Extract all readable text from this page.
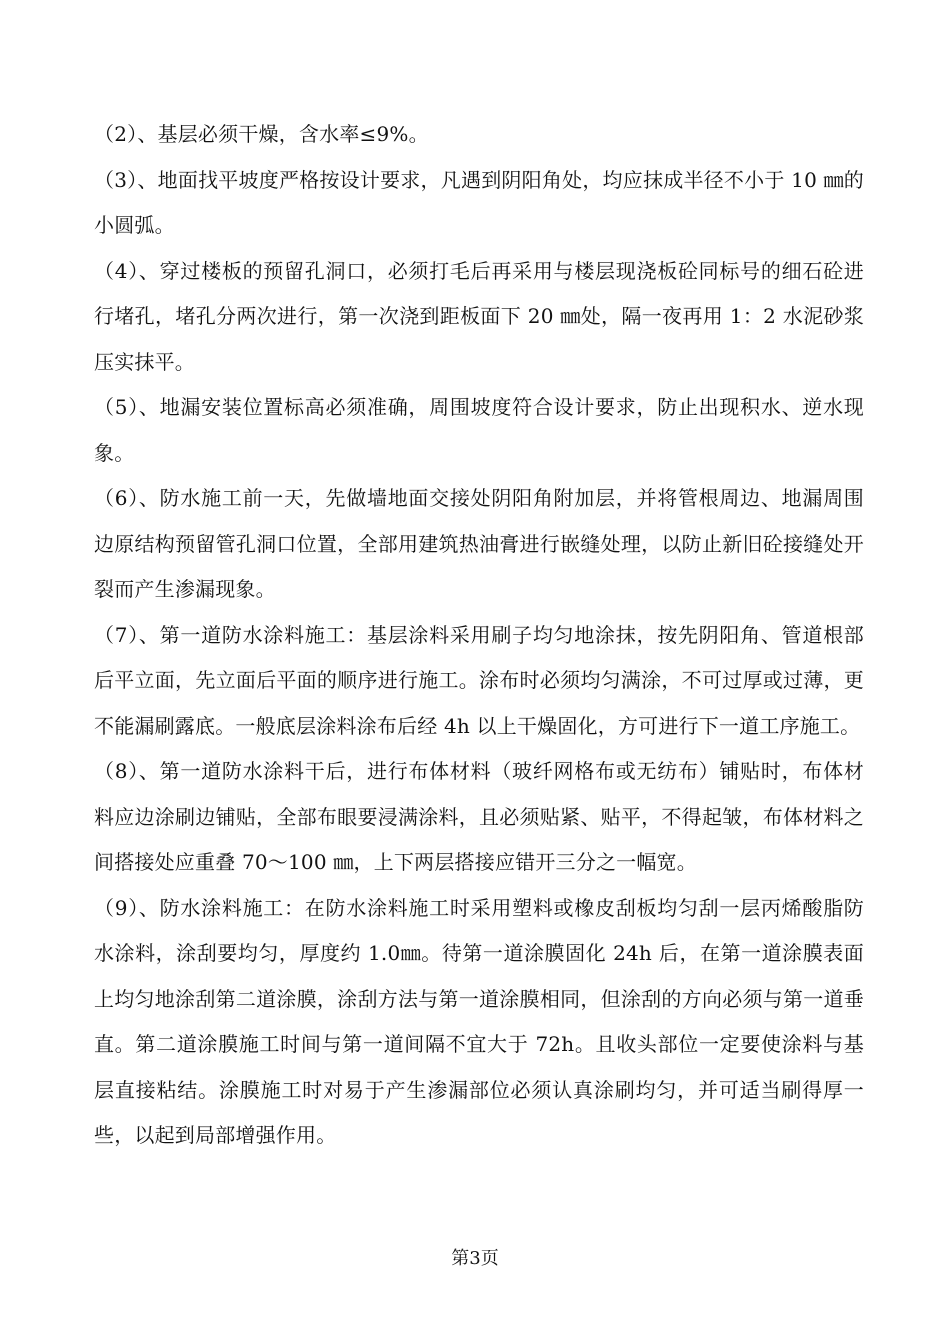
（2）、基层必须干燥，含水率≤9%。

（3）、地面找平坡度严格按设计要求，凡遇到阴阳角处，均应抹成半径不小于 10 ㎜的小圆弧。

（4）、穿过楼板的预留孔洞口，必须打毛后再采用与楼层现浇板砼同标号的细石砼进行堵孔，堵孔分两次进行，第一次浇到距板面下 20 ㎜处，隔一夜再用 1：2 水泥砂浆压实抹平。

（5）、地漏安装位置标高必须准确，周围坡度符合设计要求，防止出现积水、逆水现象。

（6）、防水施工前一天，先做墙地面交接处阴阳角附加层，并将管根周边、地漏周围边原结构预留管孔洞口位置，全部用建筑热油膏进行嵌缝处理，以防止新旧砼接缝处开裂而产生渗漏现象。

（7）、第一道防水涂料施工：基层涂料采用刷子均匀地涂抹，按先阴阳角、管道根部后平立面，先立面后平面的顺序进行施工。涂布时必须均匀满涂，不可过厚或过薄，更不能漏刷露底。一般底层涂料涂布后经 4h 以上干燥固化，方可进行下一道工序施工。

（8）、第一道防水涂料干后，进行布体材料（玻纤网格布或无纺布）铺贴时，布体材料应边涂刷边铺贴，全部布眼要浸满涂料，且必须贴紧、贴平，不得起皱，布体材料之间搭接处应重叠 70～100 ㎜，上下两层搭接应错开三分之一幅宽。

（9）、防水涂料施工：在防水涂料施工时采用塑料或橡皮刮板均匀刮一层丙烯酸脂防水涂料，涂刮要均匀，厚度约 1.0㎜。待第一道涂膜固化 24h 后，在第一道涂膜表面上均匀地涂刮第二道涂膜，涂刮方法与第一道涂膜相同，但涂刮的方向必须与第一道垂直。第二道涂膜施工时间与第一道间隔不宜大于 72h。且收头部位一定要使涂料与基层直接粘结。涂膜施工时对易于产生渗漏部位必须认真涂刷均匀，并可适当刷得厚一些，以起到局部增强作用。

第3页
